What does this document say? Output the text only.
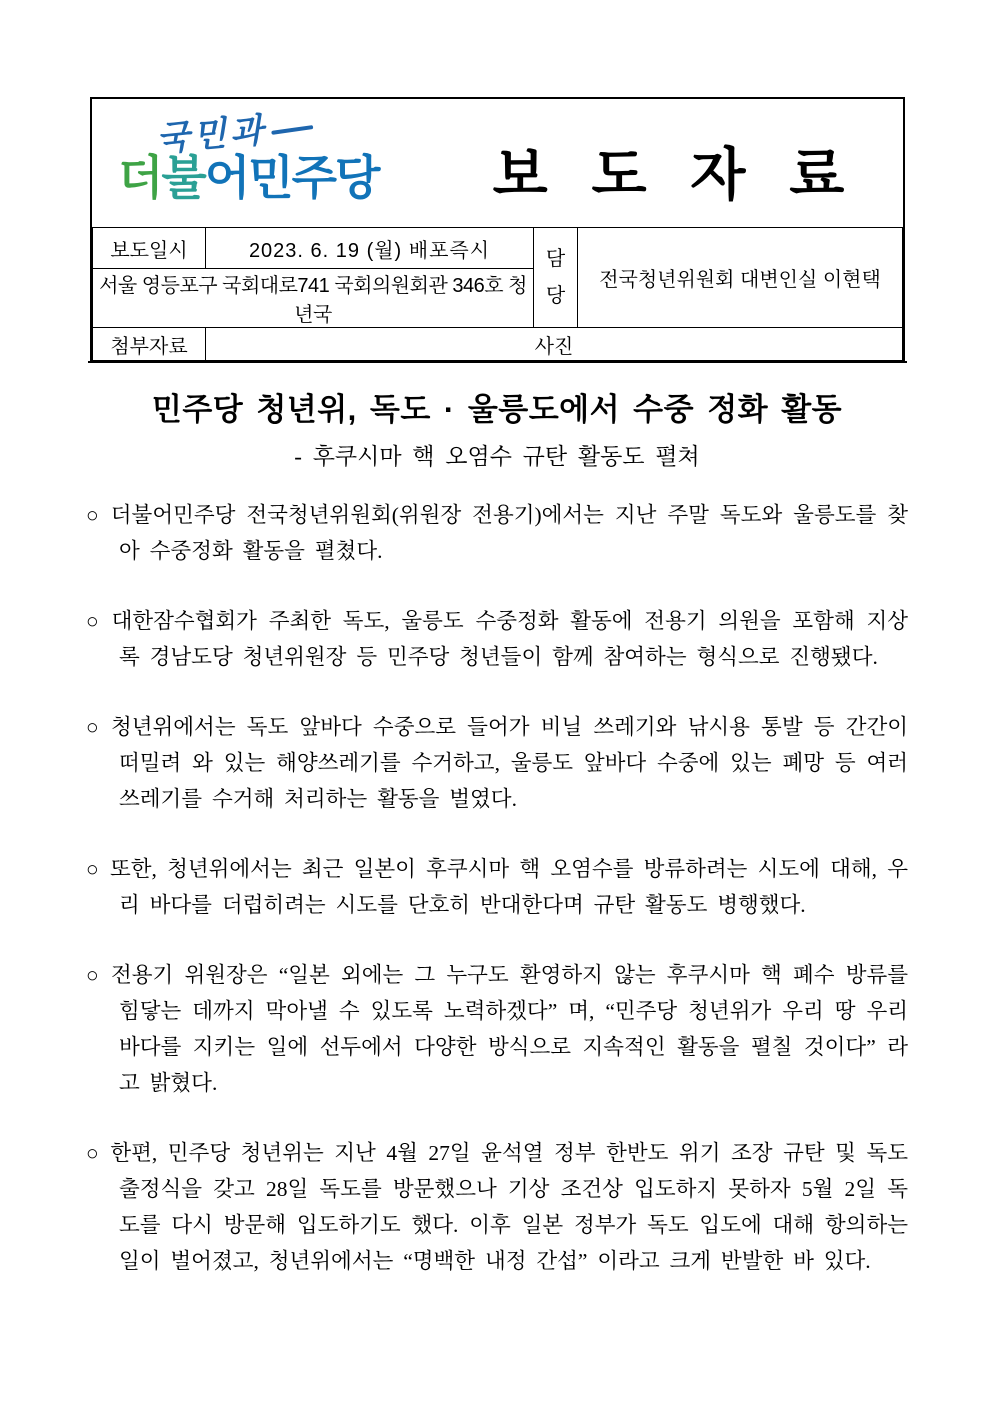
국민과
더불어민주당	보 도 자 료
보도일시	2023. 6. 19 (월) 배포즉시	담당	전국청년위원회 대변인실 이현택
서울 영등포구 국회대로741 국회의원회관 346호 청년국			
첨부자료	사진		
민주당 청년위, 독도 · 울릉도에서 수중 정화 활동
- 후쿠시마 핵 오염수 규탄 활동도 펼쳐

○ 더불어민주당 전국청년위원회(위원장 전용기)에서는 지난 주말 독도와 울릉도를 찾아 수중정화 활동을 펼쳤다.

○ 대한잠수협회가 주최한 독도, 울릉도 수중정화 활동에 전용기 의원을 포함해 지상록 경남도당 청년위원장 등 민주당 청년들이 함께 참여하는 형식으로 진행됐다.

○ 청년위에서는 독도 앞바다 수중으로 들어가 비닐 쓰레기와 낚시용 통발 등 간간이 떠밀려 와 있는 해양쓰레기를 수거하고, 울릉도 앞바다 수중에 있는 폐망 등 여러 쓰레기를 수거해 처리하는 활동을 벌였다.

○ 또한, 청년위에서는 최근 일본이 후쿠시마 핵 오염수를 방류하려는 시도에 대해, 우리 바다를 더럽히려는 시도를 단호히 반대한다며 규탄 활동도 병행했다.

○ 전용기 위원장은 “일본 외에는 그 누구도 환영하지 않는 후쿠시마 핵 폐수 방류를 힘닿는 데까지 막아낼 수 있도록 노력하겠다” 며, “민주당 청년위가 우리 땅 우리 바다를 지키는 일에 선두에서 다양한 방식으로 지속적인 활동을 펼칠 것이다” 라고 밝혔다.

○ 한편, 민주당 청년위는 지난 4월 27일 윤석열 정부 한반도 위기 조장 규탄 및 독도 출정식을 갖고 28일 독도를 방문했으나 기상 조건상 입도하지 못하자 5월 2일 독도를 다시 방문해 입도하기도 했다. 이후 일본 정부가 독도 입도에 대해 항의하는 일이 벌어졌고, 청년위에서는 “명백한 내정 간섭” 이라고 크게 반발한 바 있다.
